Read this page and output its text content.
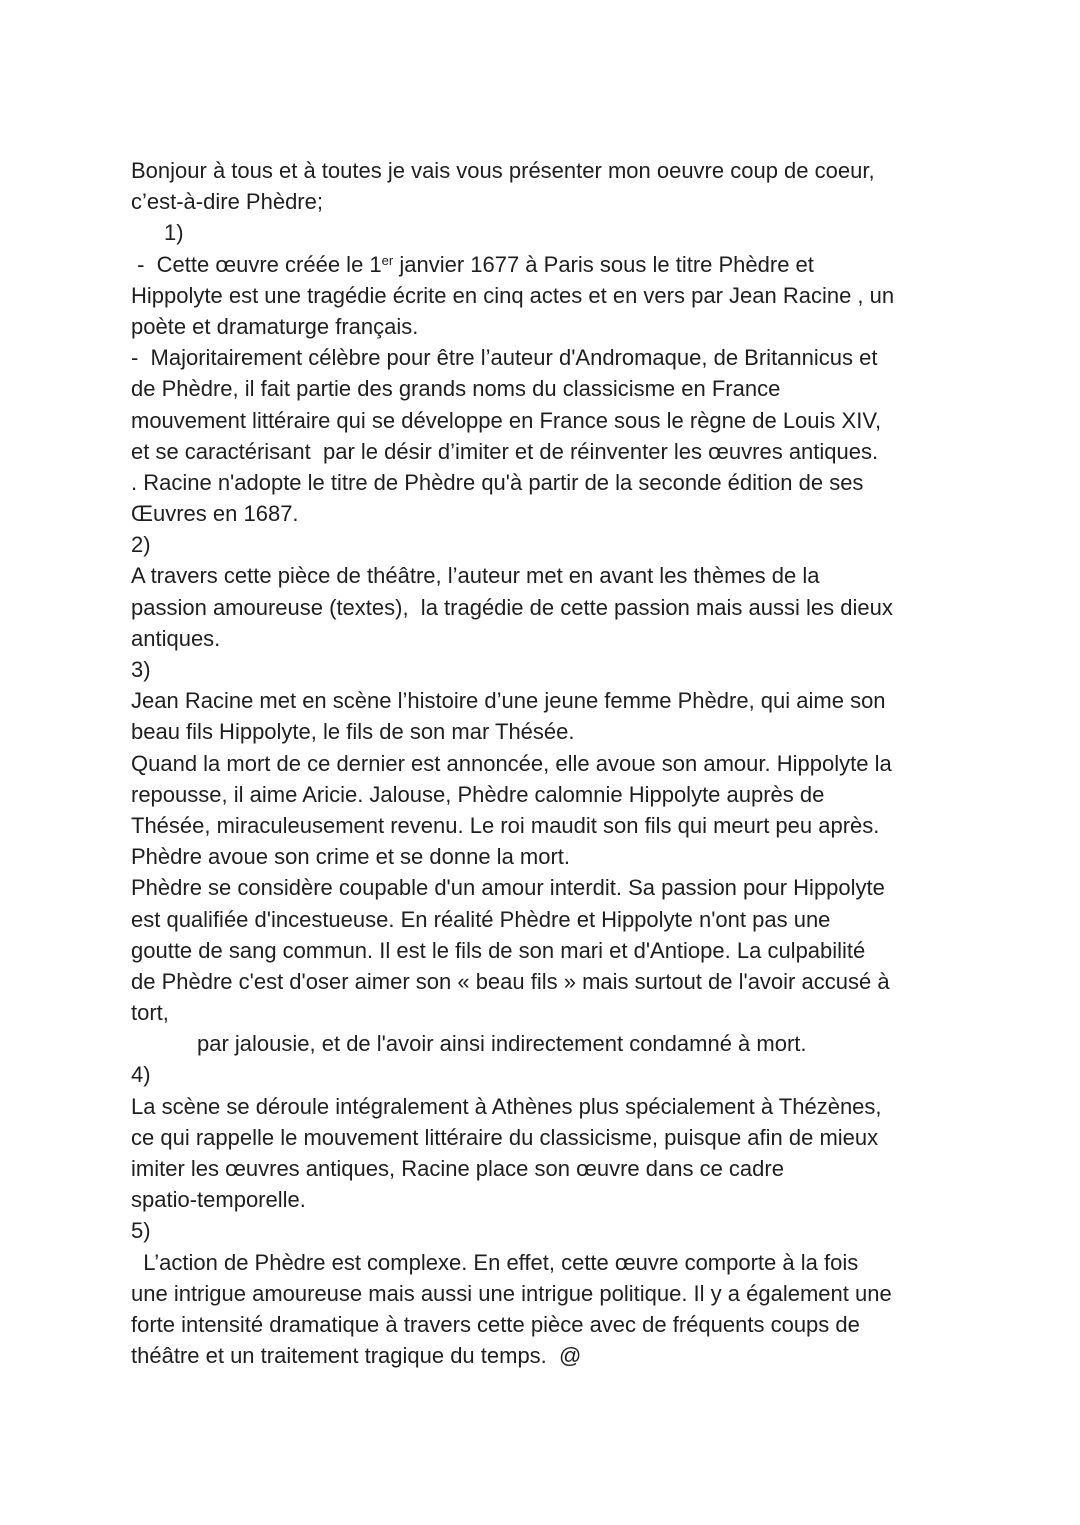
Bonjour à tous et à toutes je vais vous présenter mon oeuvre coup de coeur,
c’est-à-dire Phèdre;
1)
-  Cette œuvre créée le 1er janvier 1677 à Paris sous le titre Phèdre et
Hippolyte est une tragédie écrite en cinq actes et en vers par Jean Racine , un
poète et dramaturge français.
-  Majoritairement célèbre pour être l’auteur d'Andromaque, de Britannicus et
de Phèdre, il fait partie des grands noms du classicisme en France
mouvement littéraire qui se développe en France sous le règne de Louis XIV,
et se caractérisant  par le désir d’imiter et de réinventer les œuvres antiques.
. Racine n'adopte le titre de Phèdre qu'à partir de la seconde édition de ses
Œuvres en 1687.
2)
A travers cette pièce de théâtre, l’auteur met en avant les thèmes de la
passion amoureuse (textes),  la tragédie de cette passion mais aussi les dieux
antiques.
3)
Jean Racine met en scène l’histoire d’une jeune femme Phèdre, qui aime son
beau fils Hippolyte, le fils de son mar Thésée.
Quand la mort de ce dernier est annoncée, elle avoue son amour. Hippolyte la
repousse, il aime Aricie. Jalouse, Phèdre calomnie Hippolyte auprès de
Thésée, miraculeusement revenu. Le roi maudit son fils qui meurt peu après.
Phèdre avoue son crime et se donne la mort.
Phèdre se considère coupable d'un amour interdit. Sa passion pour Hippolyte
est qualifiée d'incestueuse. En réalité Phèdre et Hippolyte n'ont pas une
goutte de sang commun. Il est le fils de son mari et d'Antiope. La culpabilité
de Phèdre c'est d'oser aimer son « beau fils » mais surtout de l'avoir accusé à
tort,
par jalousie, et de l'avoir ainsi indirectement condamné à mort.
4)
La scène se déroule intégralement à Athènes plus spécialement à Thézènes,
ce qui rappelle le mouvement littéraire du classicisme, puisque afin de mieux
imiter les œuvres antiques, Racine place son œuvre dans ce cadre
spatio-temporelle.
5)
L’action de Phèdre est complexe. En effet, cette œuvre comporte à la fois
une intrigue amoureuse mais aussi une intrigue politique. Il y a également une
forte intensité dramatique à travers cette pièce avec de fréquents coups de
théâtre et un traitement tragique du temps.  @
